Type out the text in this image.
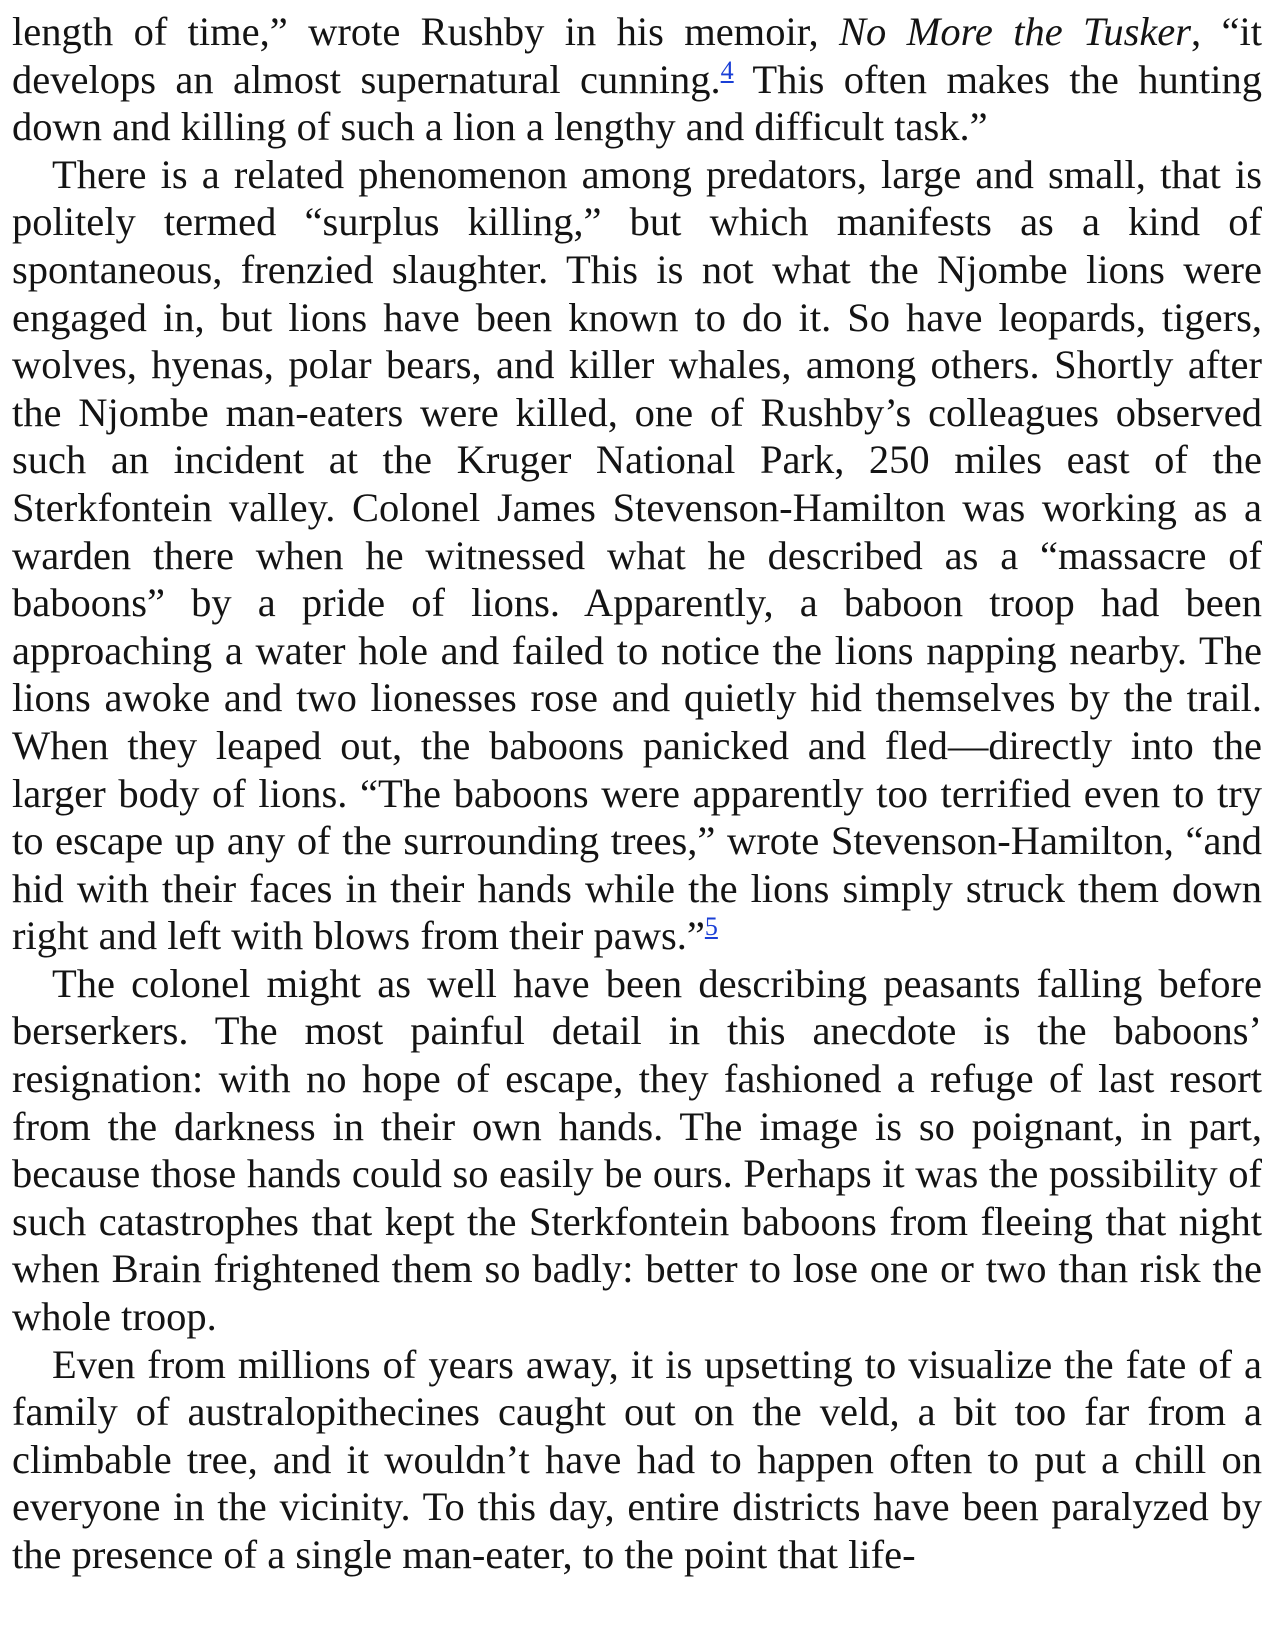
length of time,” wrote Rushby in his memoir, No More the Tusker, “it develops an almost supernatural cunning.$^4$ This often makes the hunting down and killing of such a lion a lengthy and difficult task.”

There is a related phenomenon among predators, large and small, that is politely termed “surplus killing,” but which manifests as a kind of spontaneous, frenzied slaughter. This is not what the Njombe lions were engaged in, but lions have been known to do it. So have leopards, tigers, wolves, hyenas, polar bears, and killer whales, among others. Shortly after the Njombe man-eaters were killed, one of Rushby’s colleagues observed such an incident at the Kruger National Park, 250 miles east of the Sterkfontein valley. Colonel James Stevenson-Hamilton was working as a warden there when he witnessed what he described as a “massacre of baboons” by a pride of lions. Apparently, a baboon troop had been approaching a water hole and failed to notice the lions napping nearby. The lions awoke and two lionesses rose and quietly hid themselves by the trail. When they leaped out, the baboons panicked and fled—directly into the larger body of lions. “The baboons were apparently too terrified even to try to escape up any of the surrounding trees,” wrote Stevenson-Hamilton, “and hid with their faces in their hands while the lions simply struck them down right and left with blows from their paws.”$^5$

The colonel might as well have been describing peasants falling before berserkers. The most painful detail in this anecdote is the baboons’ resignation: with no hope of escape, they fashioned a refuge of last resort from the darkness in their own hands. The image is so poignant, in part, because those hands could so easily be ours. Perhaps it was the possibility of such catastrophes that kept the Sterkfontein baboons from fleeing that night when Brain frightened them so badly: better to lose one or two than risk the whole troop.

Even from millions of years away, it is upsetting to visualize the fate of a family of australopithecines caught out on the veld, a bit too far from a climbable tree, and it wouldn’t have had to happen often to put a chill on everyone in the vicinity. To this day, entire districts have been paralyzed by the presence of a single man-eater, to the point that life-
